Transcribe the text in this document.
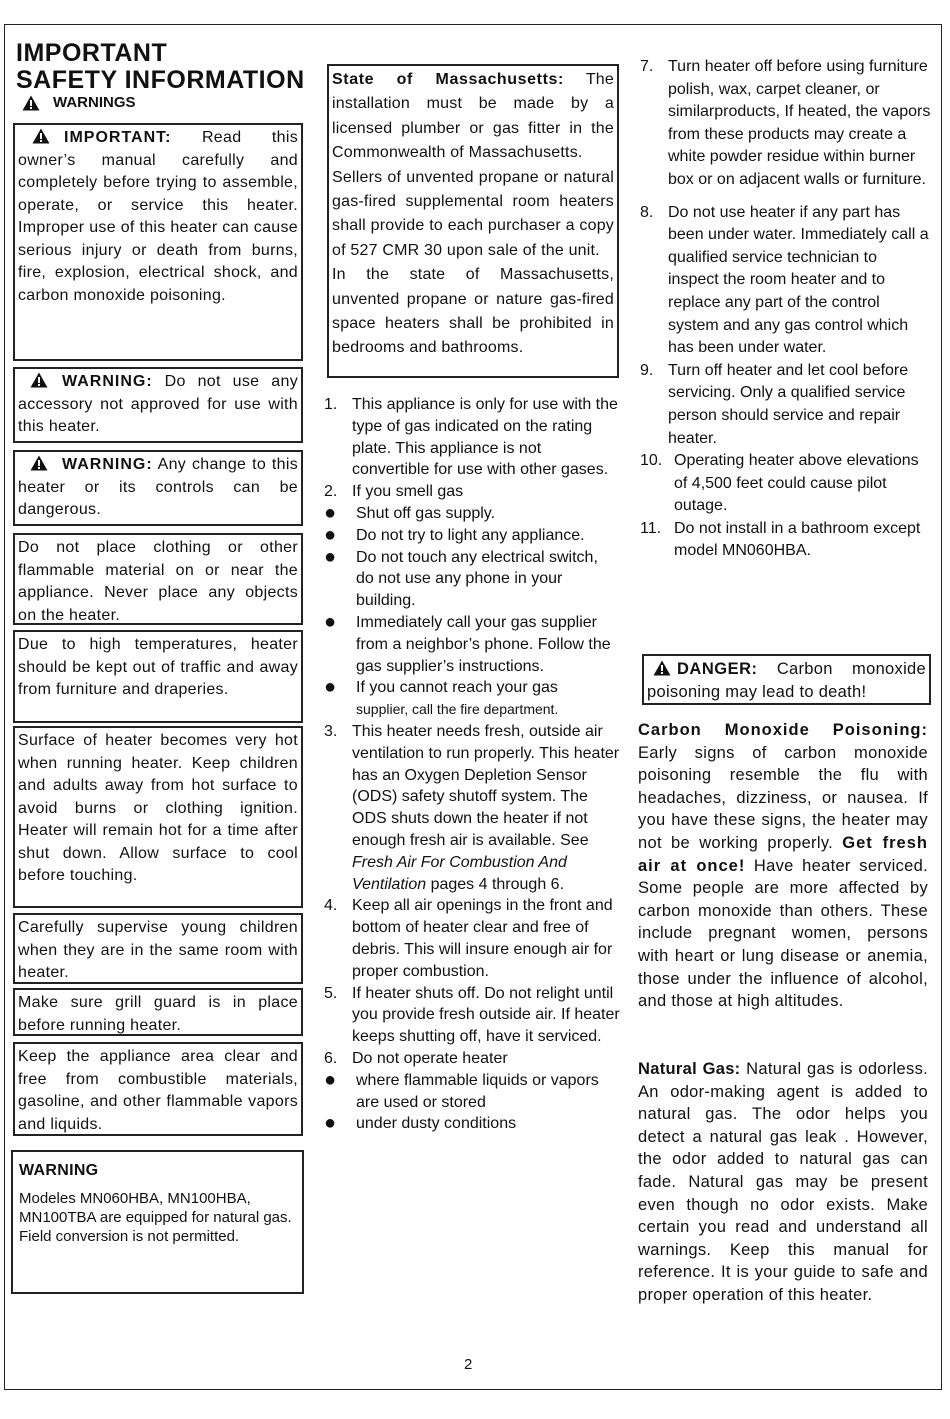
IMPORTANT
SAFETY INFORMATION
WARNINGS
IMPORTANT: Read this owner’s manual carefully and completely before trying to assemble, operate, or service this heater. Improper use of this heater can cause serious injury or death from burns, fire, explosion, electrical shock, and carbon monoxide poisoning.
WARNING: Do not use any accessory not approved for use with this heater.
WARNING: Any change to this heater or its controls can be dangerous.
Do not place clothing or other flammable material on or near the appliance. Never place any objects on the heater.
Due to high temperatures, heater should be kept out of traffic and away from furniture and draperies.
Surface of heater becomes very hot when running heater. Keep children and adults away from hot surface to avoid burns or clothing ignition. Heater will remain hot for a time after shut down. Allow surface to cool before touching.
Carefully supervise young children when they are in the same room with heater.
Make sure grill guard is in place before running heater.
Keep the appliance area clear and free from combustible materials, gasoline, and other flammable vapors and liquids.
WARNING
Modeles MN060HBA, MN100HBA, MN100TBA are equipped for natural gas. Field conversion is not permitted.
State of Massachusetts: The installation must be made by a licensed plumber or gas fitter in the Commonwealth of Massachusetts.
Sellers of unvented propane or natural gas-fired supplemental room heaters shall provide to each purchaser a copy of 527 CMR 30 upon sale of the unit.
In the state of Massachusetts, unvented propane or nature gas-fired space heaters shall be prohibited in bedrooms and bathrooms.
1. This appliance is only for use with the type of gas indicated on the rating plate. This appliance is not convertible for use with other gases.
2. If you smell gas
●	Shut off gas supply.
●	Do not try to light any appliance.
●	Do not touch any electrical switch, do not use any phone in your building.
●	Immediately call your gas supplier from a neighbor’s phone. Follow the gas supplier’s instructions.
●	If you cannot reach your gas
supplier, call the fire department.
3. This heater needs fresh, outside air ventilation to run properly. This heater has an Oxygen Depletion Sensor (ODS) safety shutoff system. The ODS shuts down the heater if not enough fresh air is available. See Fresh Air For Combustion And Ventilation pages 4 through 6.
4. Keep all air openings in the front and bottom of heater clear and free of debris. This will insure enough air for proper combustion.
5. If heater shuts off. Do not relight until you provide fresh outside air. If heater keeps shutting off, have it serviced.
6. Do not operate heater
●	where flammable liquids or vapors are used or stored
●	under dusty conditions
7. Turn heater off before using furniture polish, wax, carpet cleaner, or similarproducts, If heated, the vapors from these products may create a white powder residue within burner box or on adjacent walls or furniture.
8. Do not use heater if any part has been under water. Immediately call a qualified service technician to inspect the room heater and to replace any part of the control system and any gas control which has been under water.
9. Turn off heater and let cool before servicing. Only a qualified service person should service and repair heater.
10. Operating heater above elevations of 4,500 feet could cause pilot outage.
11. Do not install in a bathroom except model MN060HBA.
DANGER: Carbon monoxide poisoning may lead to death!
Carbon Monoxide Poisoning: Early signs of carbon monoxide poisoning resemble the flu with headaches, dizziness, or nausea. If you have these signs, the heater may not be working properly. Get fresh air at once! Have heater serviced. Some people are more affected by carbon monoxide than others. These include pregnant women, persons with heart or lung disease or anemia, those under the influence of alcohol, and those at high altitudes.
Natural Gas: Natural gas is odorless. An odor-making agent is added to natural gas. The odor helps you detect a natural gas leak . However, the odor added to natural gas can fade. Natural gas may be present even though no odor exists. Make certain you read and understand all warnings. Keep this manual for reference. It is your guide to safe and proper operation of this heater.
2
